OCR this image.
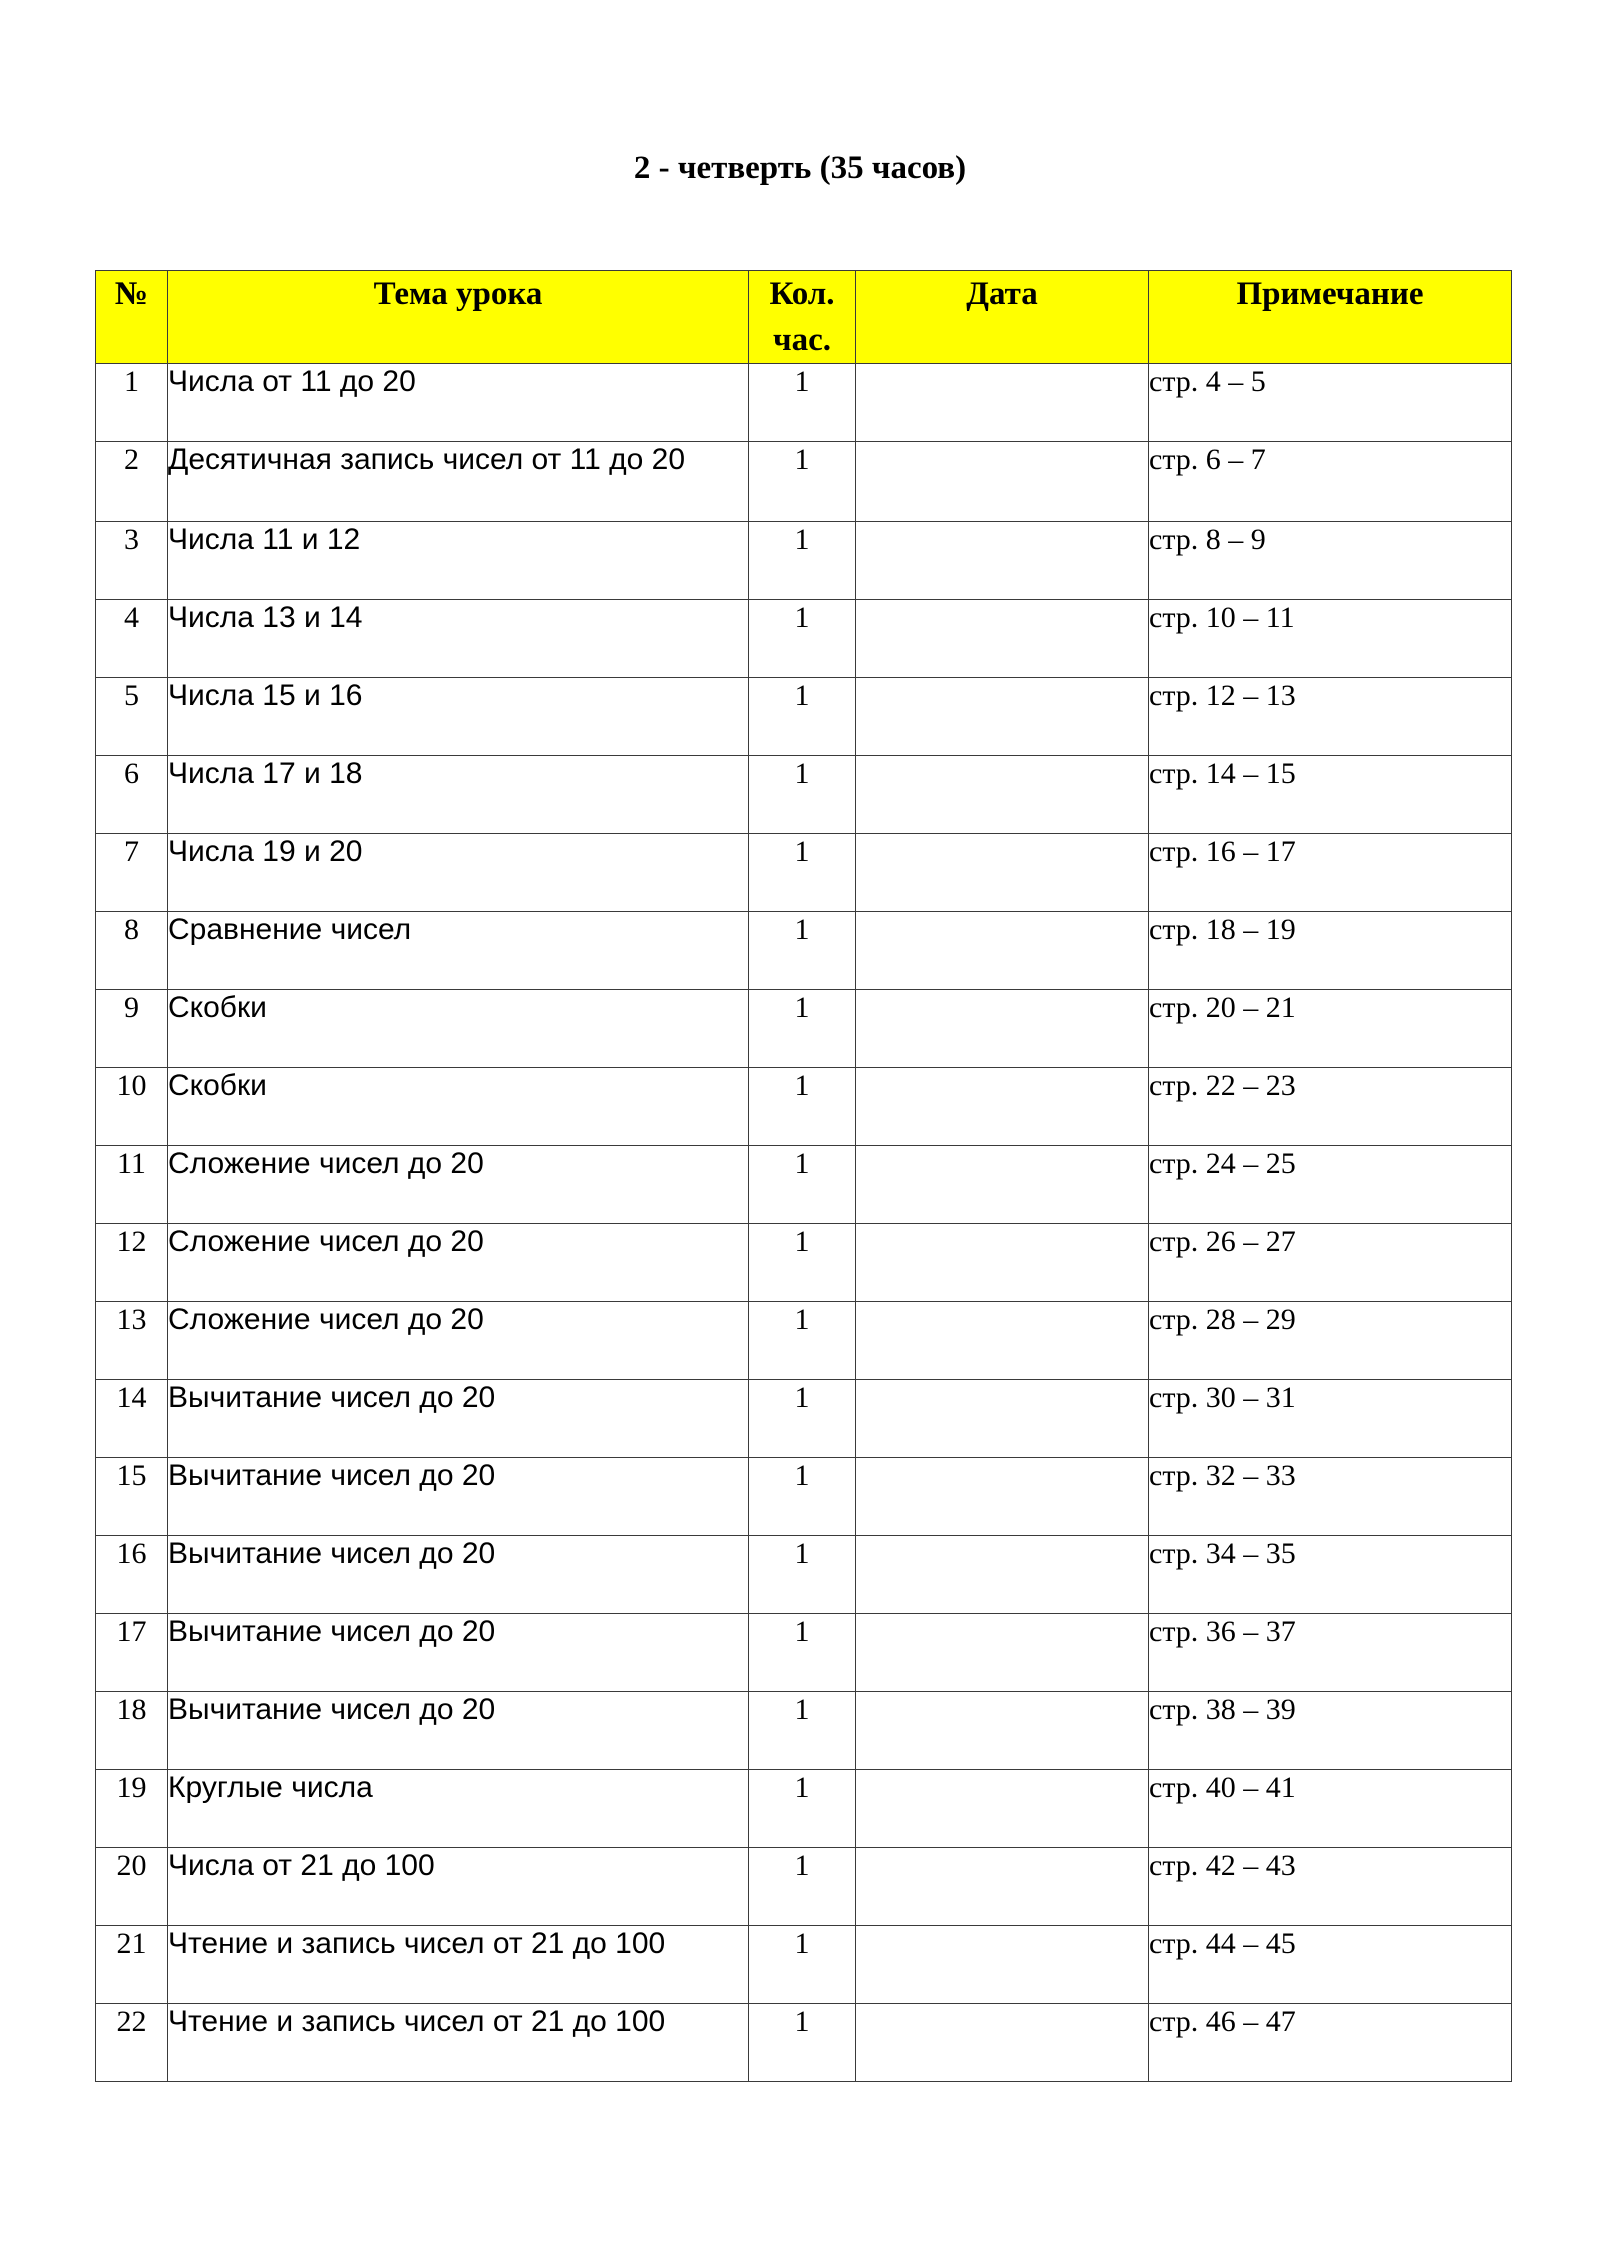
2 - четверть (35 часов)
№	Тема урока	Кол. час.	Дата	Примечание
1	Числа от 11 до 20	1		стр. 4 – 5
2	Десятичная запись чисел от 11 до 20	1		стр. 6 – 7
3	Числа 11 и 12	1		стр. 8 – 9
4	Числа 13 и 14	1		стр. 10 – 11
5	Числа 15 и 16	1		стр. 12 – 13
6	Числа 17 и 18	1		стр. 14 – 15
7	Числа 19 и 20	1		стр. 16 – 17
8	Сравнение чисел	1		стр. 18 – 19
9	Скобки	1		стр. 20 – 21
10	Скобки	1		стр. 22 – 23
11	Сложение чисел до 20	1		стр. 24 – 25
12	Сложение чисел до 20	1		стр. 26 – 27
13	Сложение чисел до 20	1		стр. 28 – 29
14	Вычитание чисел до 20	1		стр. 30 – 31
15	Вычитание чисел до 20	1		стр. 32 – 33
16	Вычитание чисел до 20	1		стр. 34 – 35
17	Вычитание чисел до 20	1		стр. 36 – 37
18	Вычитание чисел до 20	1		стр. 38 – 39
19	Круглые числа	1		стр. 40 – 41
20	Числа от 21 до 100	1		стр. 42 – 43
21	Чтение и запись чисел от 21 до 100	1		стр. 44 – 45
22	Чтение и запись чисел от 21 до 100	1		стр. 46 – 47
